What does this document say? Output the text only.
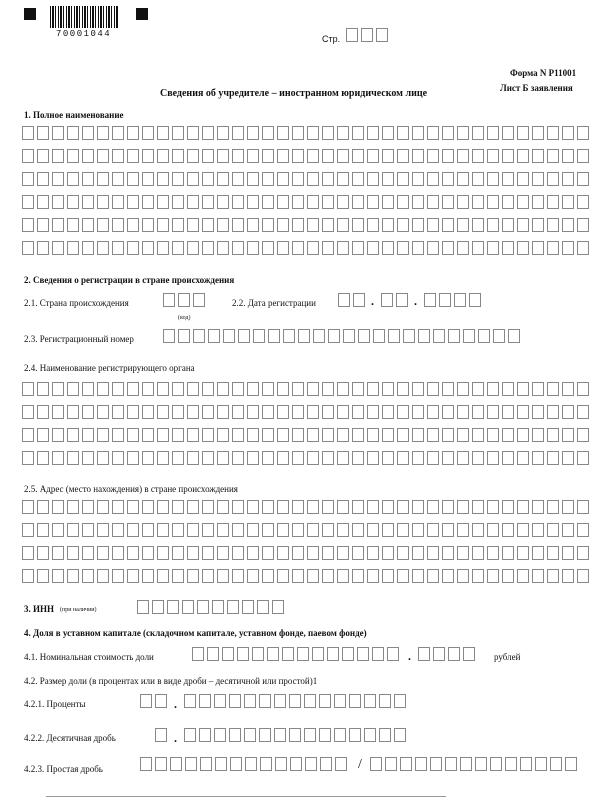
70001044	Стр.
Форма N Р11001
Лист Б заявления
Сведения об учредителе – иностранном юридическом лице
1. Полное наименование
2. Сведения о регистрации в стране происхождения
2.1. Страна происхождения
(код)
2.2. Дата регистрации	.	.
2.3. Регистрационный номер
2.4. Наименование регистрирующего органа
2.5. Адрес (место нахождения) в стране происхождения
3. ИНН (при наличии)
4. Доля в уставном капитале (складочном капитале, уставном фонде, паевом фонде)
4.1. Номинальная стоимость доли	.	рублей
4.2. Размер доли (в процентах или в виде дроби – десятичной или простой)1
4.2.1. Проценты	.
4.2.2. Десятичная дробь	.
4.2.3. Простая дробь	/
